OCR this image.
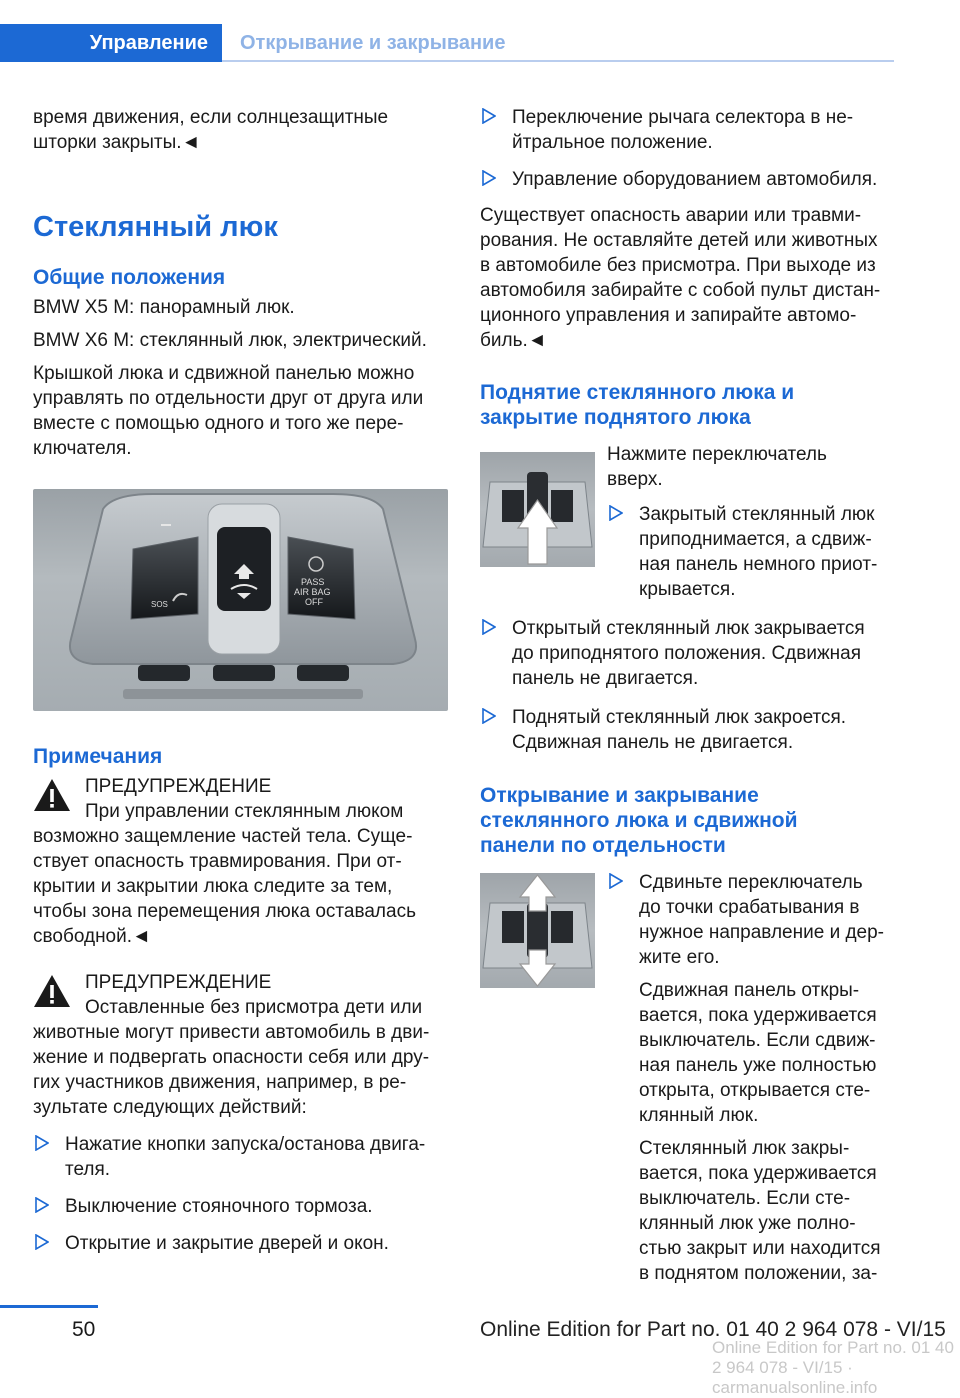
Управление	Открывание и закрывание

время движения, если солнцезащитные

шторки закрыты.◄

Стеклянный люк
Общие положения

BMW X5 M: панорамный люк.

BMW X6 M: стеклянный люк, электрический.

Крышкой люка и сдвижной панелью можно

управлять по отдельности друг от друга или

вместе с помощью одного и того же пере-

ключателя.

SOS
PASS
AIR BAG
OFF
Примечания

ПРЕДУПРЕЖДЕНИЕ

При управлении стеклянным люком

возможно защемление частей тела. Суще-

ствует опасность травмирования. При от-

крытии и закрытии люка следите за тем,

чтобы зона перемещения люка оставалась

свободной.◄

ПРЕДУПРЕЖДЕНИЕ

Оставленные без присмотра дети или

животные могут привести автомобиль в дви-

жение и подвергать опасности себя или дру-

гих участников движения, например, в ре-

зультате следующих действий:

Нажатие кнопки запуска/останова двига-

теля.

Выключение стояночного тормоза.

Открытие и закрытие дверей и окон.

Переключение рычага селектора в не-

йтральное положение.

Управление оборудованием автомобиля.

Существует опасность аварии или травми-

рования. Не оставляйте детей или животных

в автомобиле без присмотра. При выходе из

автомобиля забирайте с собой пульт дистан-

ционного управления и запирайте автомо-

биль.◄

Поднятие стеклянного люка и
закрытие поднятого люка

Нажмите переключатель

вверх.

Закрытый стеклянный люк

приподнимается, а сдвиж-

ная панель немного приот-

крывается.

Открытый стеклянный люк закрывается

до приподнятого положения. Сдвижная

панель не двигается.

Поднятый стеклянный люк закроется.

Сдвижная панель не двигается.

Открывание и закрывание
стеклянного люка и сдвижной
панели по отдельности

Сдвиньте переключатель

до точки срабатывания в

нужное направление и дер-

жите его.

Сдвижная панель откры-

вается, пока удерживается

выключатель. Если сдвиж-

ная панель уже полностью

открыта, открывается сте-

клянный люк.

Стеклянный люк закры-

вается, пока удерживается

выключатель. Если сте-

клянный люк уже полно-

стью закрыт или находится

в поднятом положении, за-

50	Online Edition for Part no. 01 40 2 964 078 - VI/15
Online Edition for Part no. 01 40 2 964 078 - VI/15 · carmanualsonline.info
